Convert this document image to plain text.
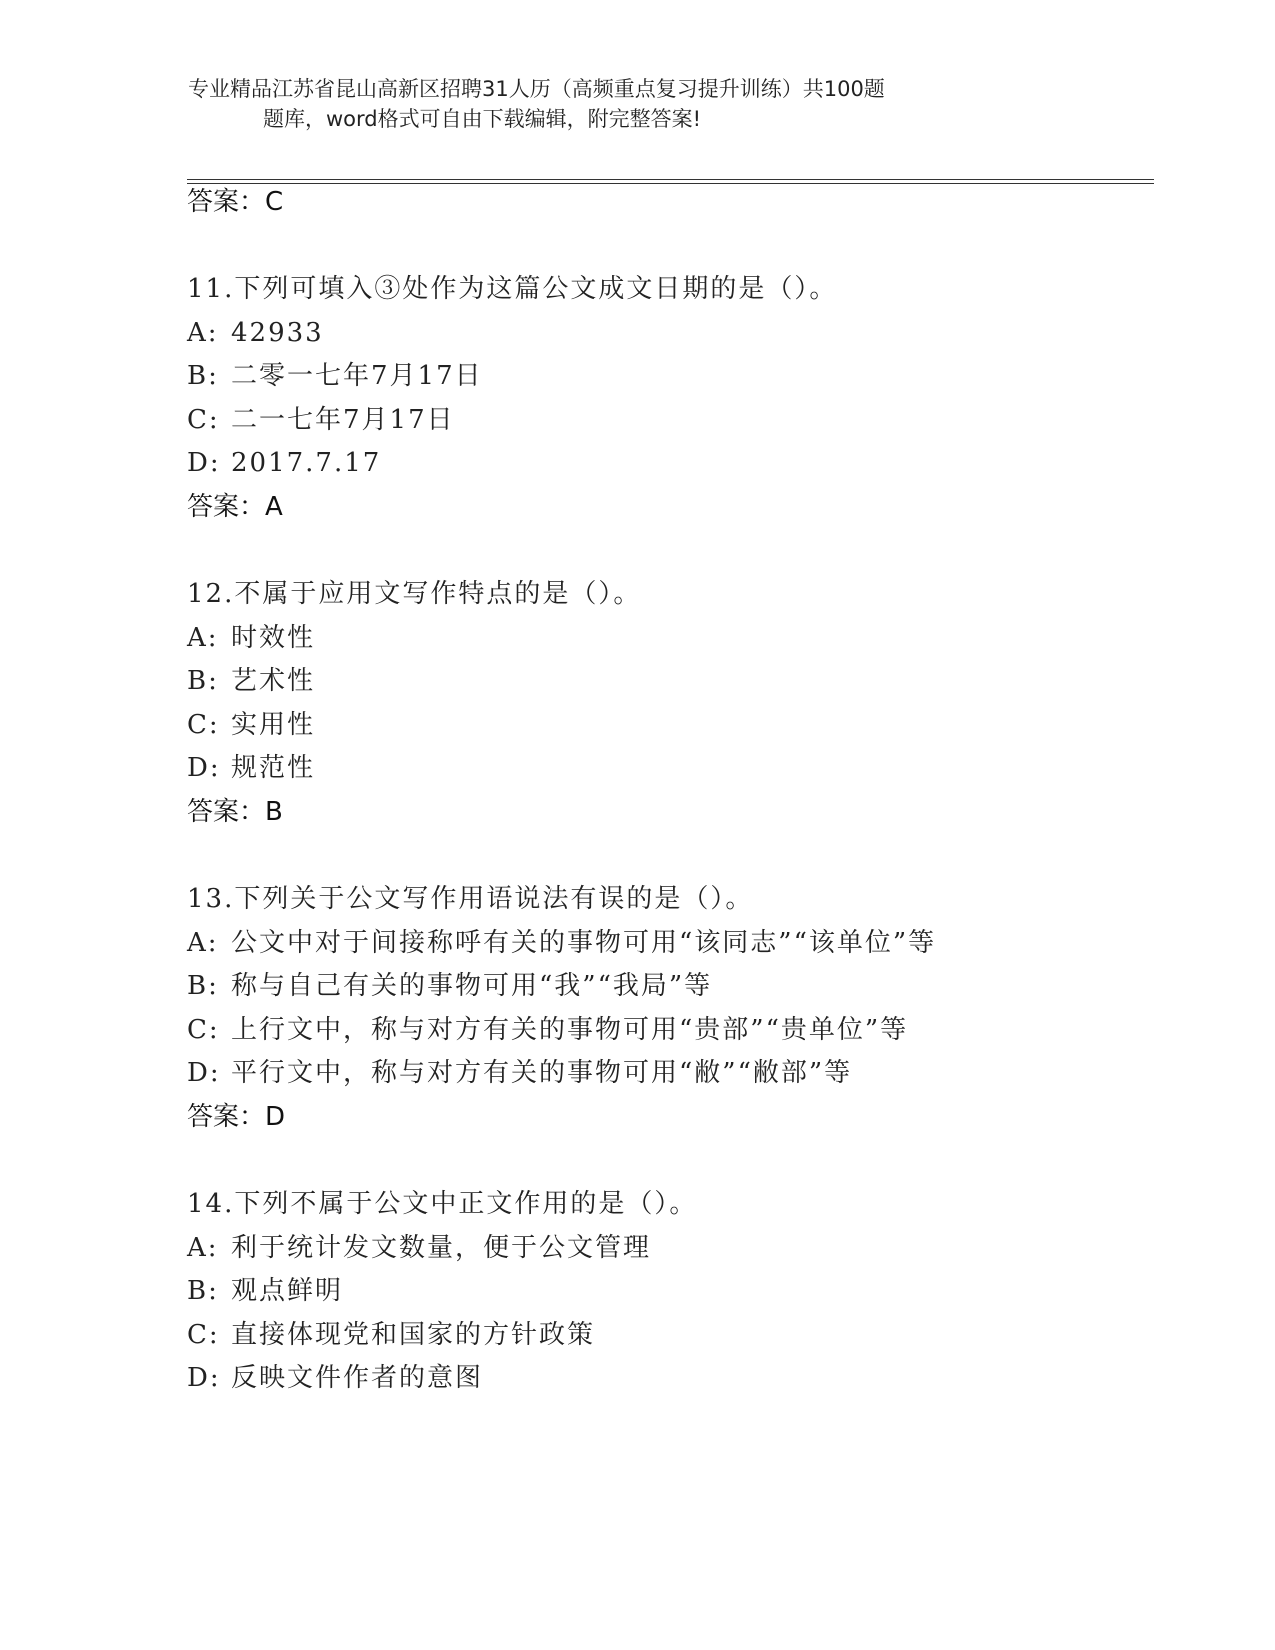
专业精品江苏省昆山高新区招聘31人历（高频重点复习提升训练）共100题
题库，word格式可自由下载编辑，附完整答案!
答案：C
11.下列可填入③处作为这篇公文成文日期的是（）。
A: 42933
B: 二零一七年7月17日
C: 二一七年7月17日
D: 2017.7.17
答案：A
12.不属于应用文写作特点的是（）。
A: 时效性
B: 艺术性
C: 实用性
D: 规范性
答案：B
13.下列关于公文写作用语说法有误的是（）。
A: 公文中对于间接称呼有关的事物可用“该同志”“该单位”等
B: 称与自己有关的事物可用“我”“我局”等
C: 上行文中，称与对方有关的事物可用“贵部”“贵单位”等
D: 平行文中，称与对方有关的事物可用“敝”“敝部”等
答案：D
14.下列不属于公文中正文作用的是（）。
A: 利于统计发文数量，便于公文管理
B: 观点鲜明
C: 直接体现党和国家的方针政策
D: 反映文件作者的意图
